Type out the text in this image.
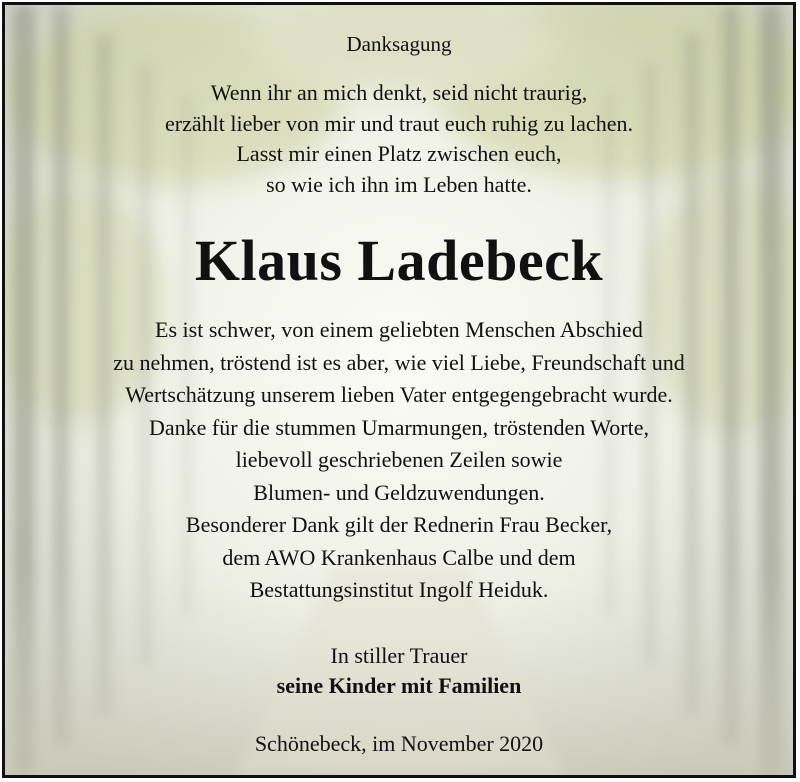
Danksagung
Wenn ihr an mich denkt, seid nicht traurig,
erzählt lieber von mir und traut euch ruhig zu lachen.
Lasst mir einen Platz zwischen euch,
so wie ich ihn im Leben hatte.
Klaus Ladebeck
Es ist schwer, von einem geliebten Menschen Abschied
zu nehmen, tröstend ist es aber, wie viel Liebe, Freundschaft und
Wertschätzung unserem lieben Vater entgegengebracht wurde.
Danke für die stummen Umarmungen, tröstenden Worte,
liebevoll geschriebenen Zeilen sowie
Blumen- und Geldzuwendungen.
Besonderer Dank gilt der Rednerin Frau Becker,
dem AWO Krankenhaus Calbe und dem
Bestattungsinstitut Ingolf Heiduk.
In stiller Trauer
seine Kinder mit Familien
Schönebeck, im November 2020
